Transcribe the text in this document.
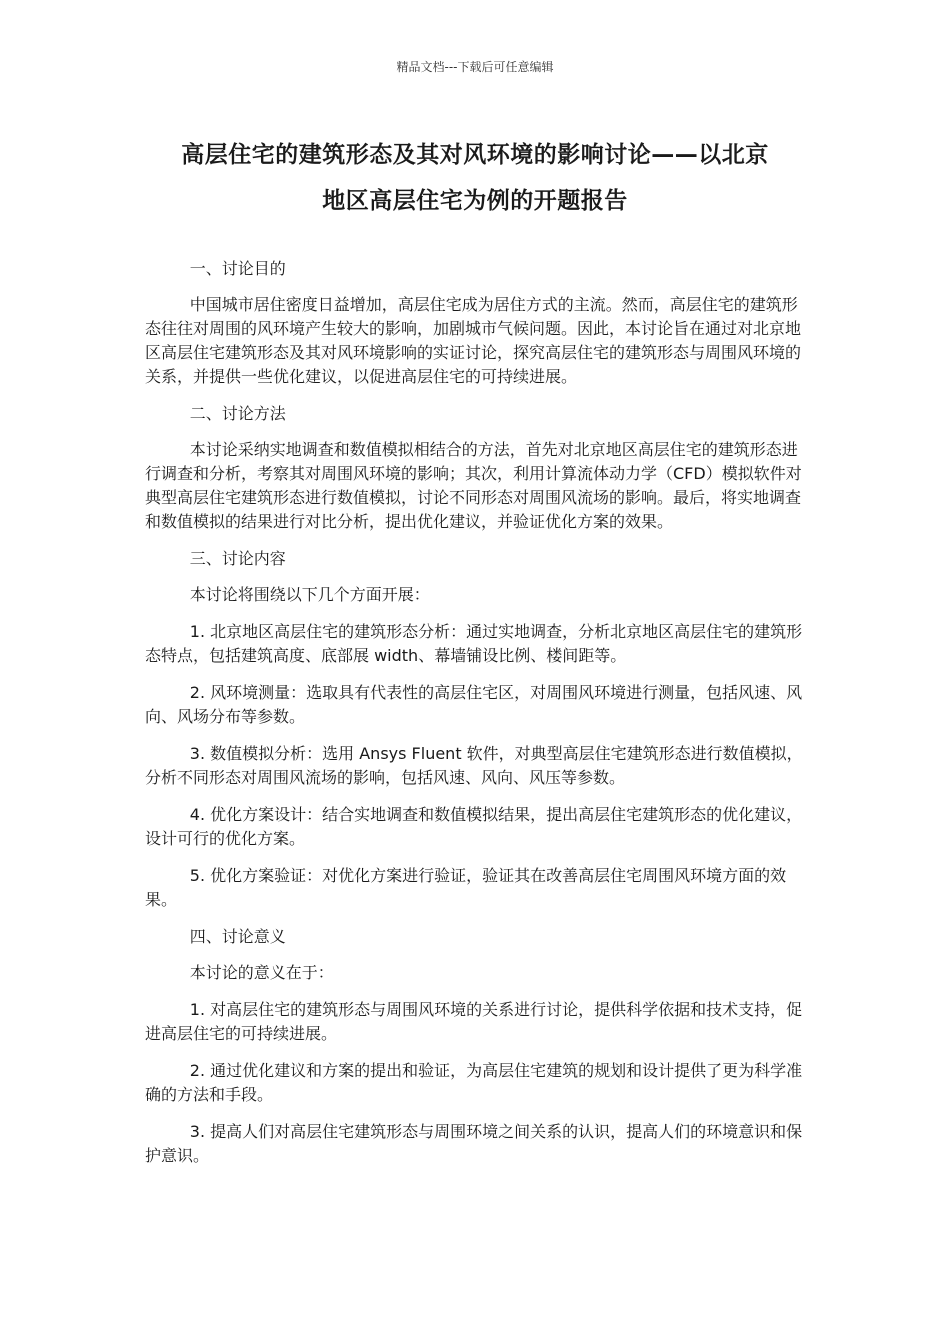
精品文档---下载后可任意编辑
高层住宅的建筑形态及其对风环境的影响讨论——以北京
地区高层住宅为例的开题报告

一、讨论目的

中国城市居住密度日益增加，高层住宅成为居住方式的主流。然而，高层住宅的建筑形态往往对周围的风环境产生较大的影响，加剧城市气候问题。因此，本讨论旨在通过对北京地区高层住宅建筑形态及其对风环境影响的实证讨论，探究高层住宅的建筑形态与周围风环境的关系，并提供一些优化建议，以促进高层住宅的可持续进展。

二、讨论方法

本讨论采纳实地调查和数值模拟相结合的方法，首先对北京地区高层住宅的建筑形态进行调查和分析，考察其对周围风环境的影响；其次，利用计算流体动力学（CFD）模拟软件对典型高层住宅建筑形态进行数值模拟，讨论不同形态对周围风流场的影响。最后，将实地调查和数值模拟的结果进行对比分析，提出优化建议，并验证优化方案的效果。

三、讨论内容

本讨论将围绕以下几个方面开展：

1. 北京地区高层住宅的建筑形态分析：通过实地调查，分析北京地区高层住宅的建筑形态特点，包括建筑高度、底部展 width、幕墙铺设比例、楼间距等。

2. 风环境测量：选取具有代表性的高层住宅区，对周围风环境进行测量，包括风速、风向、风场分布等参数。

3. 数值模拟分析：选用 Ansys Fluent 软件，对典型高层住宅建筑形态进行数值模拟，分析不同形态对周围风流场的影响，包括风速、风向、风压等参数。

4. 优化方案设计：结合实地调查和数值模拟结果，提出高层住宅建筑形态的优化建议，设计可行的优化方案。

5. 优化方案验证：对优化方案进行验证，验证其在改善高层住宅周围风环境方面的效果。

四、讨论意义

本讨论的意义在于：

1. 对高层住宅的建筑形态与周围风环境的关系进行讨论，提供科学依据和技术支持，促进高层住宅的可持续进展。

2. 通过优化建议和方案的提出和验证，为高层住宅建筑的规划和设计提供了更为科学准确的方法和手段。

3. 提高人们对高层住宅建筑形态与周围环境之间关系的认识，提高人们的环境意识和保护意识。
